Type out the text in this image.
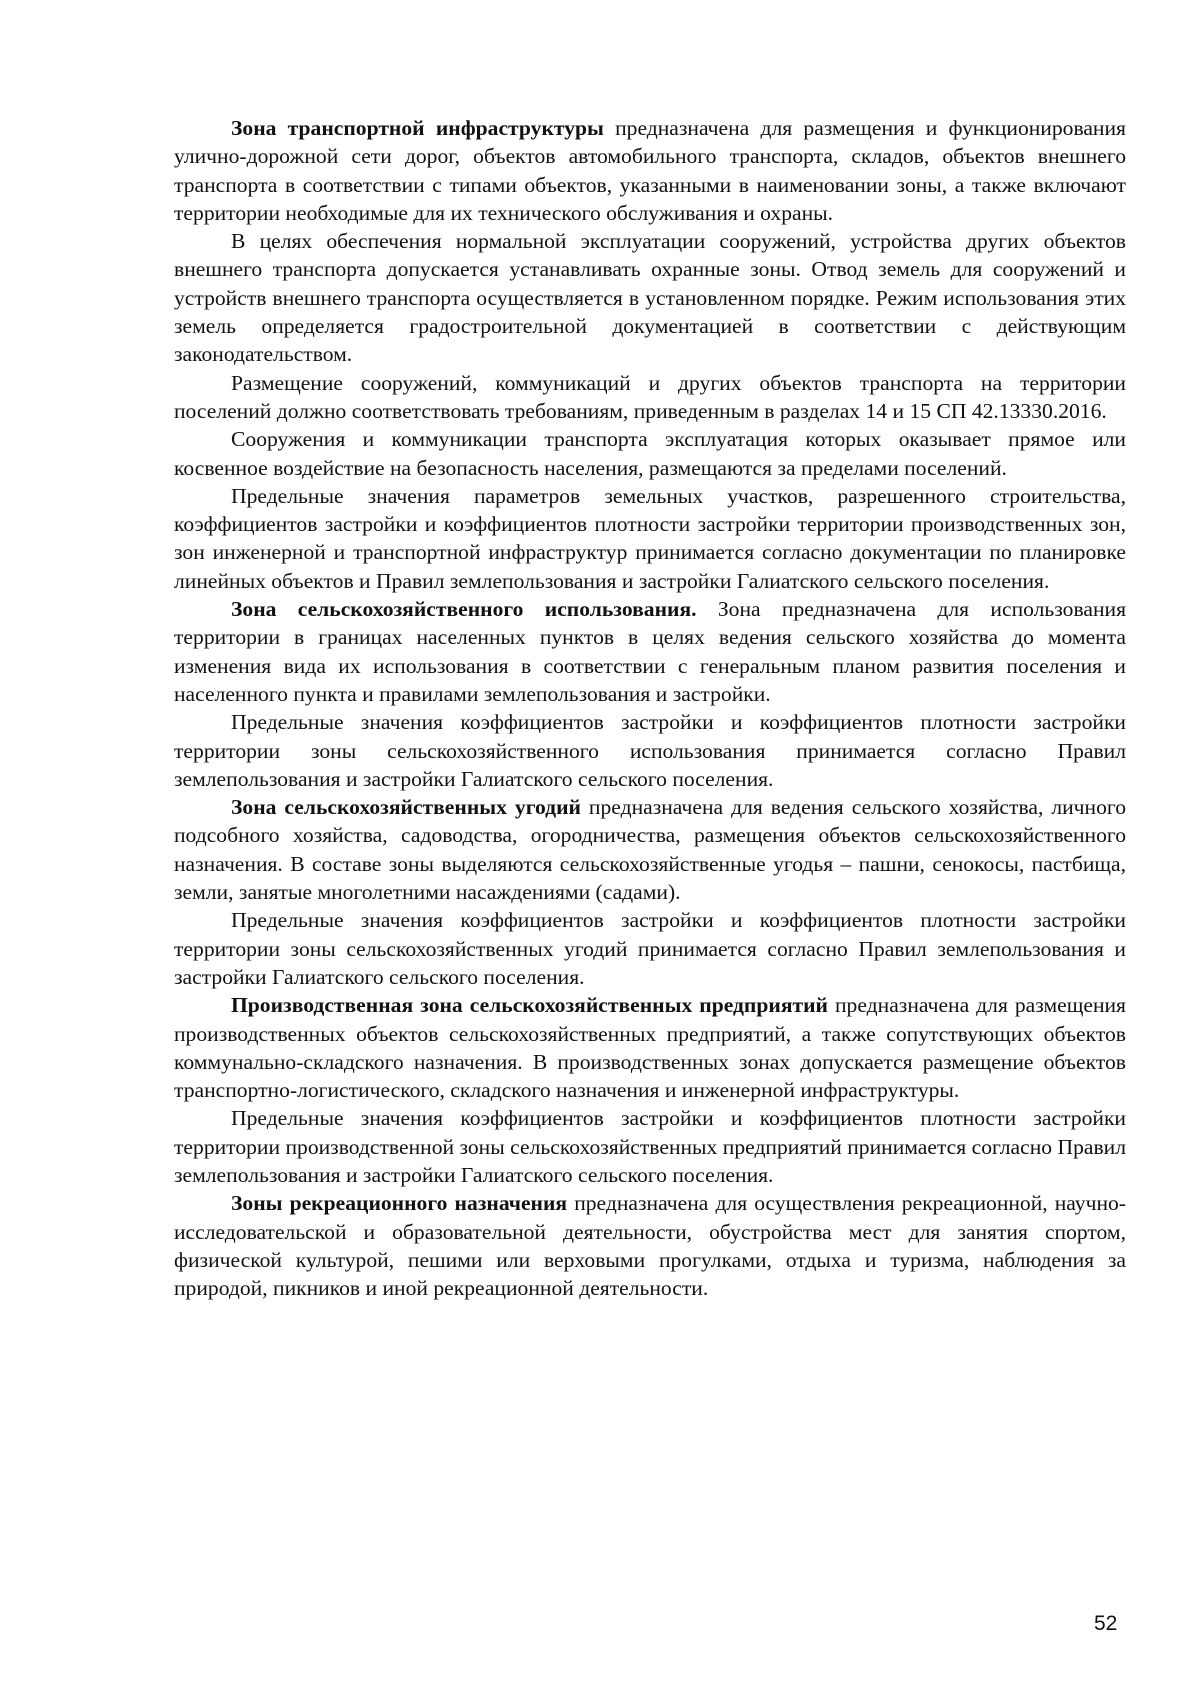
Зона транспортной инфраструктуры предназначена для размещения и функционирования улично-дорожной сети дорог, объектов автомобильного транспорта, складов, объектов внешнего транспорта в соответствии с типами объектов, указанными в наименовании зоны, а также включают территории необходимые для их технического обслуживания и охраны.

В целях обеспечения нормальной эксплуатации сооружений, устройства других объектов внешнего транспорта допускается устанавливать охранные зоны. Отвод земель для сооружений и устройств внешнего транспорта осуществляется в установленном порядке. Режим использования этих земель определяется градостроительной документацией в соответствии с действующим законодательством.

Размещение сооружений, коммуникаций и других объектов транспорта на территории поселений должно соответствовать требованиям, приведенным в разделах 14 и 15 СП 42.13330.2016.

Сооружения и коммуникации транспорта эксплуатация которых оказывает прямое или косвенное воздействие на безопасность населения, размещаются за пределами поселений.

Предельные значения параметров земельных участков, разрешенного строительства, коэффициентов застройки и коэффициентов плотности застройки территории производственных зон, зон инженерной и транспортной инфраструктур принимается согласно документации по планировке линейных объектов и Правил землепользования и застройки Галиатского сельского поселения.

Зона сельскохозяйственного использования. Зона предназначена для использования территории в границах населенных пунктов в целях ведения сельского хозяйства до момента изменения вида их использования в соответствии с генеральным планом развития поселения и населенного пункта и правилами землепользования и застройки.

Предельные значения коэффициентов застройки и коэффициентов плотности застройки территории зоны сельскохозяйственного использования принимается согласно Правил землепользования и застройки Галиатского сельского поселения.

Зона сельскохозяйственных угодий предназначена для ведения сельского хозяйства, личного подсобного хозяйства, садоводства, огородничества, размещения объектов сельскохозяйственного назначения. В составе зоны выделяются сельскохозяйственные угодья – пашни, сенокосы, пастбища, земли, занятые многолетними насаждениями (садами).

Предельные значения коэффициентов застройки и коэффициентов плотности застройки территории зоны сельскохозяйственных угодий принимается согласно Правил землепользования и застройки Галиатского сельского поселения.

Производственная зона сельскохозяйственных предприятий предназначена для размещения производственных объектов сельскохозяйственных предприятий, а также сопутствующих объектов коммунально-складского назначения. В производственных зонах допускается размещение объектов транспортно-логистического, складского назначения и инженерной инфраструктуры.

Предельные значения коэффициентов застройки и коэффициентов плотности застройки территории производственной зоны сельскохозяйственных предприятий принимается согласно Правил землепользования и застройки Галиатского сельского поселения.

Зоны рекреационного назначения предназначена для осуществления рекреационной, научно-исследовательской и образовательной деятельности, обустройства мест для занятия спортом, физической культурой, пешими или верховыми прогулками, отдыха и туризма, наблюдения за природой, пикников и иной рекреационной деятельности.

52
